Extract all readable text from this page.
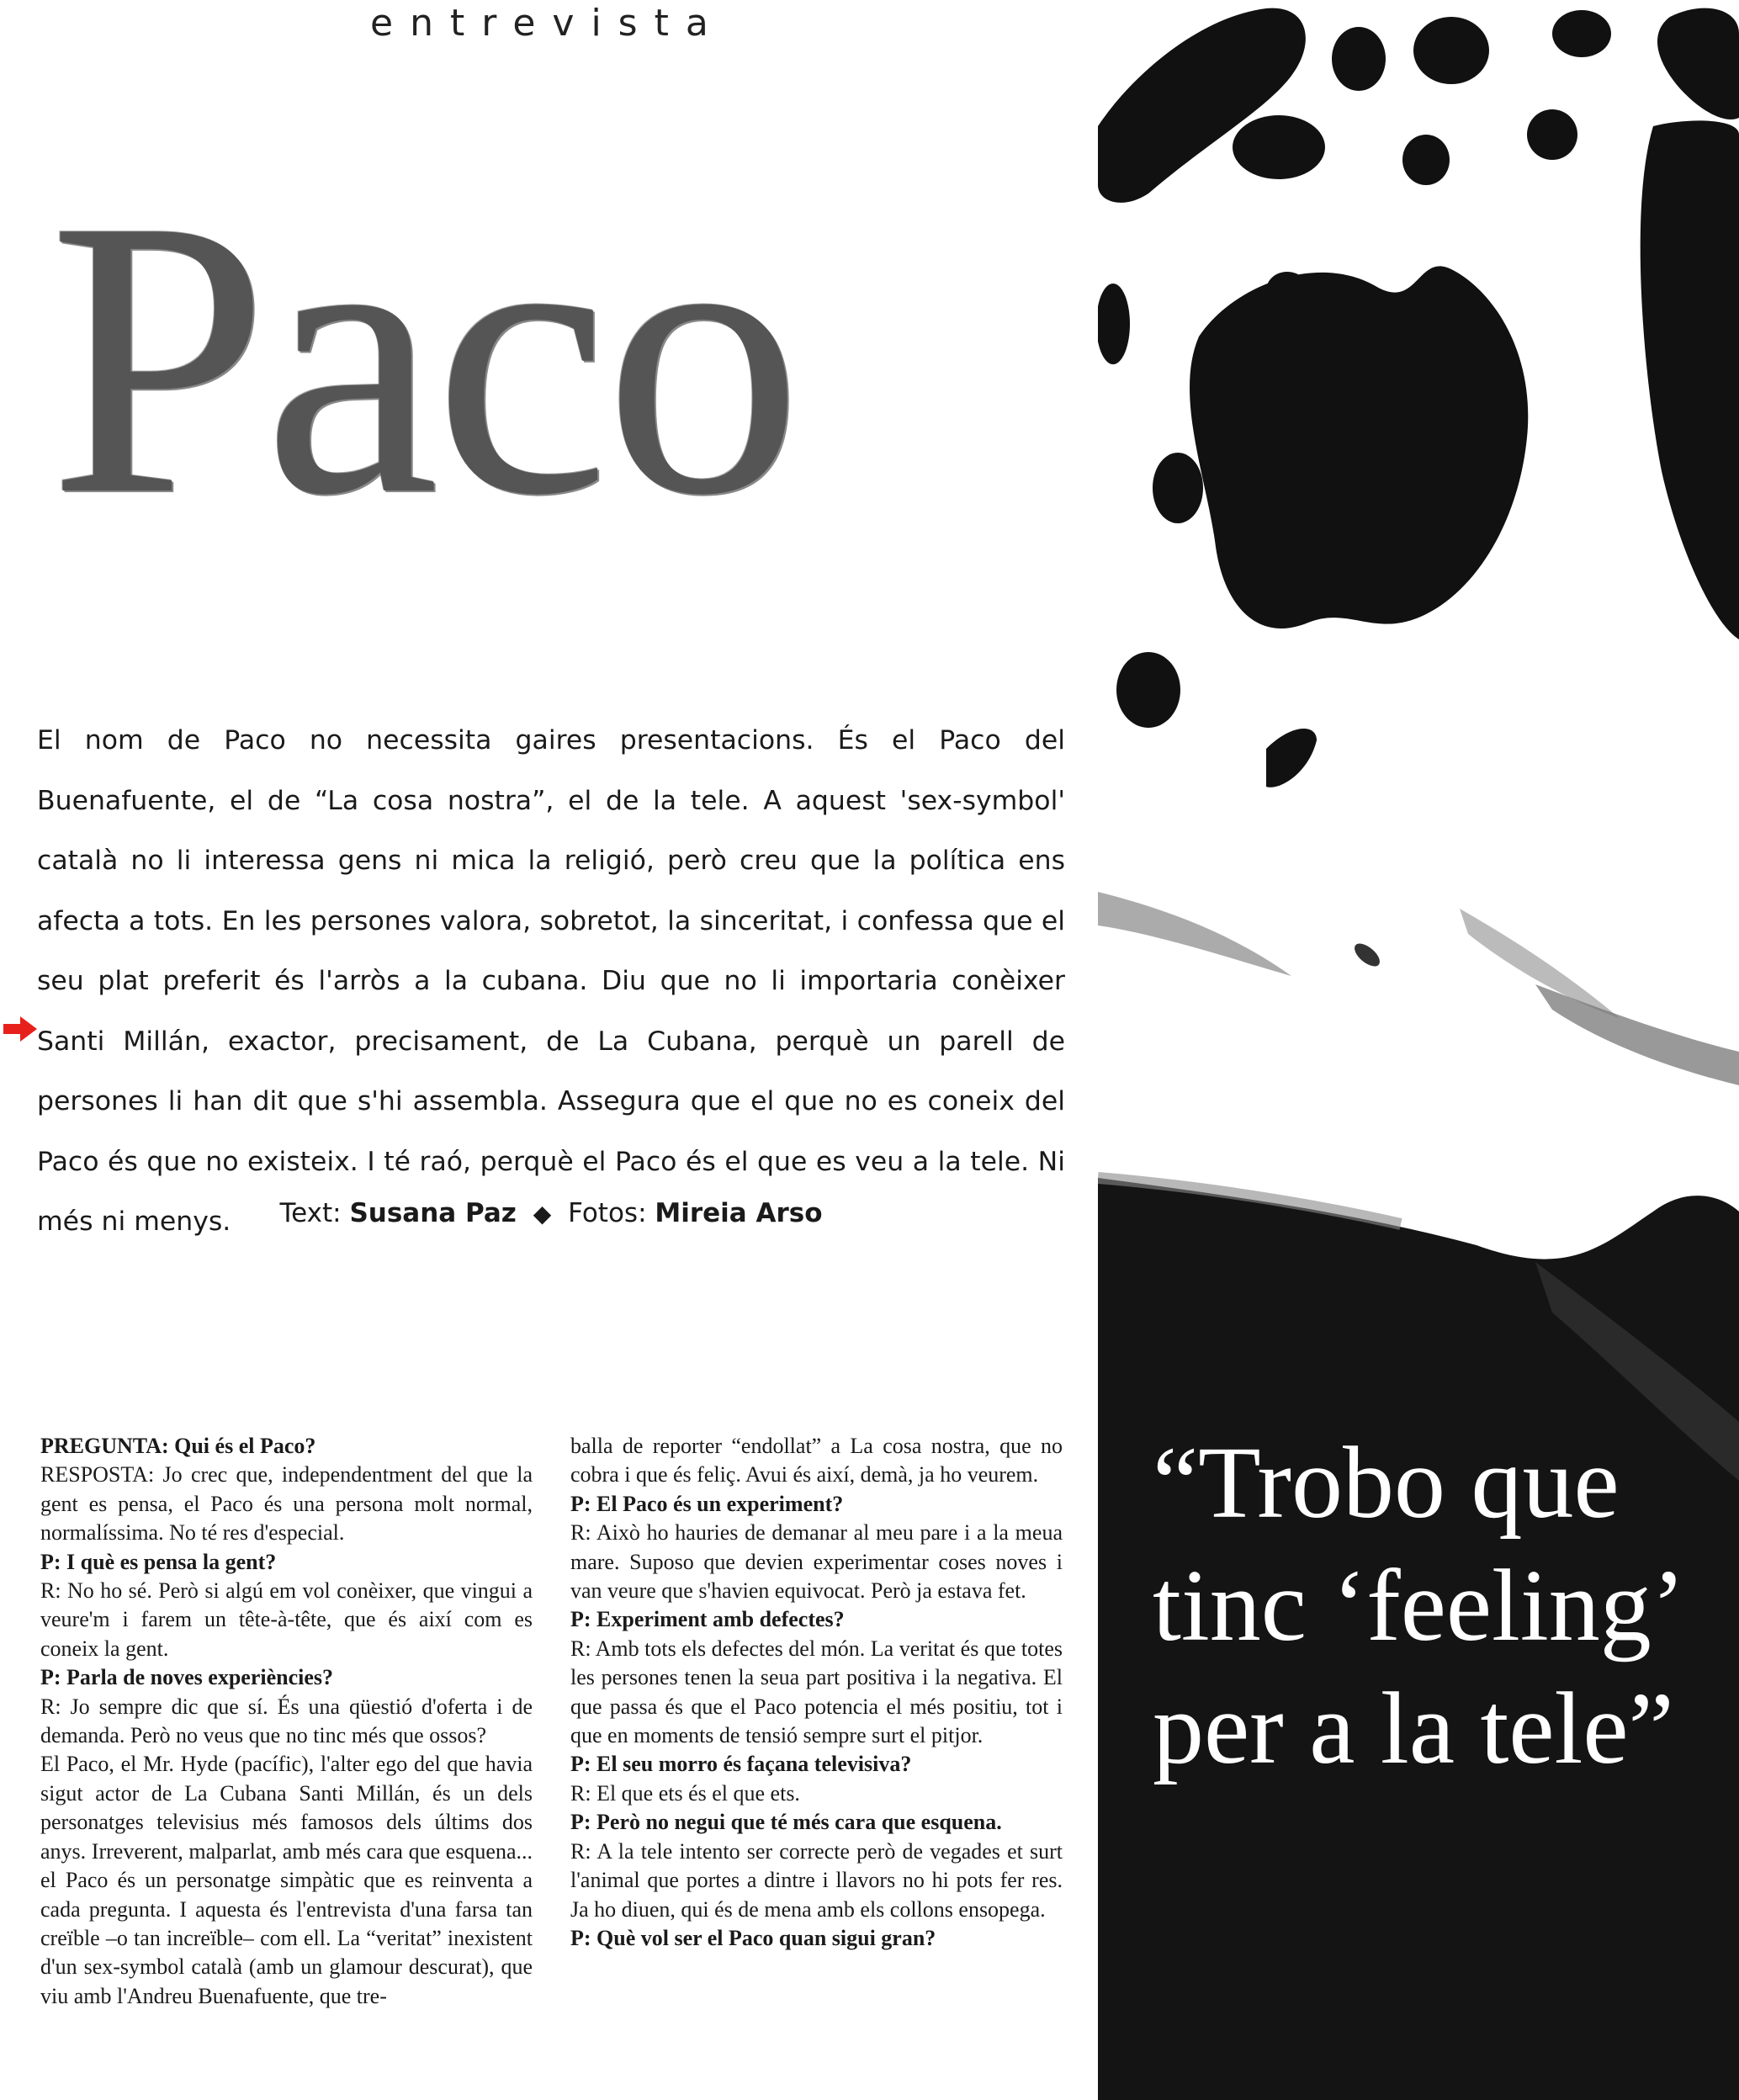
entrevista
Paco

El nom de Paco no necessita gaires presentacions. És el Paco del Buenafuente, el de “La cosa nostra”, el de la tele. A aquest 'sex-symbol' català no li interessa gens ni mica la religió, però creu que la política ens afecta a tots. En les persones valora, sobretot, la sinceritat, i confessa que el seu plat preferit és l'arròs a la cubana. Diu que no li importaria conèixer Santi Millán, exactor, precisament, de La Cubana, perquè un parell de persones li han dit que s'hi assembla. Assegura que el que no es coneix del Paco és que no existeix. I té raó, perquè el Paco és el que es veu a la tele. Ni més ni menys.	Text: Susana Paz ◆ Fotos: Mireia Arso

PREGUNTA: Qui és el Paco?

RESPOSTA: Jo crec que, independentment del que la gent es pensa, el Paco és una persona molt normal, normalíssima. No té res d'especial.

P: I què es pensa la gent?

R: No ho sé. Però si algú em vol conèixer, que vingui a veure'm i farem un tête-à-tête, que és així com es coneix la gent.

P: Parla de noves experiències?

R: Jo sempre dic que sí. És una qüestió d'oferta i de demanda. Però no veus que no tinc més que ossos?

El Paco, el Mr. Hyde (pacífic), l'alter ego del que havia sigut actor de La Cubana Santi Millán, és un dels personatges televisius més famosos dels últims dos anys. Irreverent, malparlat, amb més cara que esquena... el Paco és un personatge simpàtic que es reinventa a cada pregunta. I aquesta és l'entrevista d'una farsa tan creïble –o tan increïble– com ell. La “veritat” inexistent d'un sex-symbol català (amb un glamour descurat), que viu amb l'Andreu Buenafuente, que tre-

balla de reporter “endollat” a La cosa nostra, que no cobra i que és feliç. Avui és així, demà, ja ho veurem.

P: El Paco és un experiment?

R: Això ho hauries de demanar al meu pare i a la meua mare. Suposo que devien experimentar coses noves i van veure que s'havien equivocat. Però ja estava fet.

P: Experiment amb defectes?

R: Amb tots els defectes del món. La veritat és que totes les persones tenen la seua part positiva i la negativa. El que passa és que el Paco potencia el més positiu, tot i que en moments de tensió sempre surt el pitjor.

P: El seu morro és façana televisiva?

R: El que ets és el que ets.

P: Però no negui que té més cara que esquena.

R: A la tele intento ser correcte però de vegades et surt l'animal que portes a dintre i llavors no hi pots fer res. Ja ho diuen, qui és de mena amb els collons ensopega.

P: Què vol ser el Paco quan sigui gran?

“Trobo que tinc ‘feeling’ per a la tele”
